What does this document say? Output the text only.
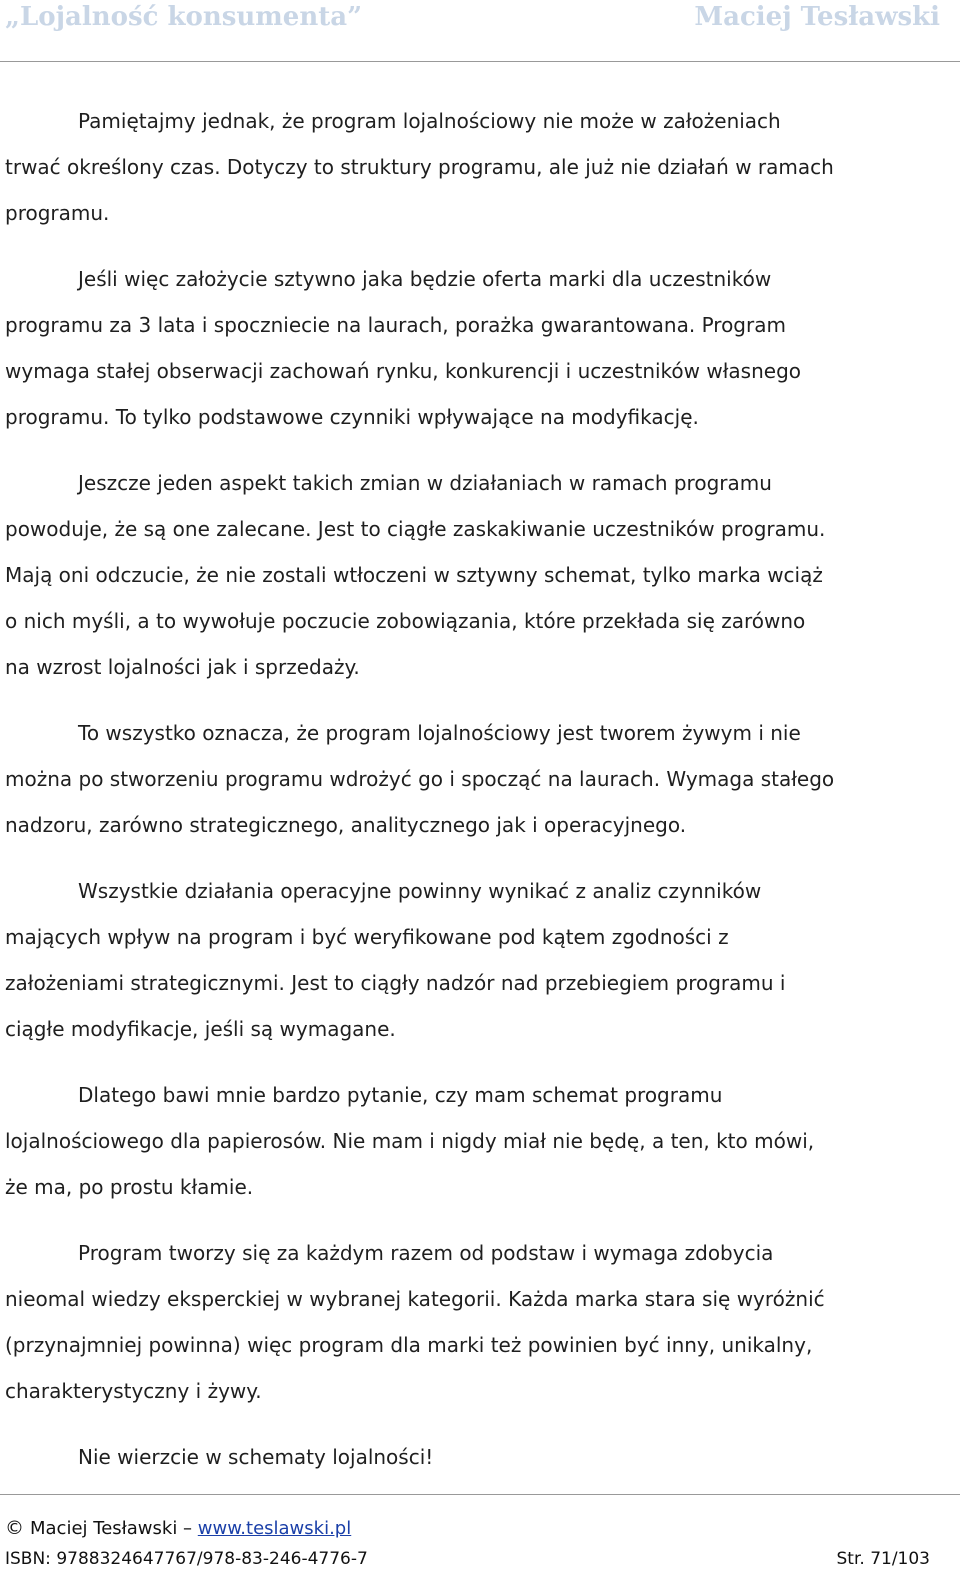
„Lojalność konsumenta”	Maciej Tesławski

Pamiętajmy jednak, że program lojalnościowy nie może w założeniach

trwać określony czas. Dotyczy to struktury programu, ale już nie działań w ramach

programu.

Jeśli więc założycie sztywno jaka będzie oferta marki dla uczestników

programu za 3 lata i spoczniecie na laurach, porażka gwarantowana. Program

wymaga stałej obserwacji zachowań rynku, konkurencji i uczestników własnego

programu. To tylko podstawowe czynniki wpływające na modyfikację.

Jeszcze jeden aspekt takich zmian w działaniach w ramach programu

powoduje, że są one zalecane. Jest to ciągłe zaskakiwanie uczestników programu.

Mają oni odczucie, że nie zostali wtłoczeni w sztywny schemat, tylko marka wciąż

o nich myśli, a to wywołuje poczucie zobowiązania, które przekłada się zarówno

na wzrost lojalności jak i sprzedaży.

To wszystko oznacza, że program lojalnościowy jest tworem żywym i nie

można po stworzeniu programu wdrożyć go i spocząć na laurach. Wymaga stałego

nadzoru, zarówno strategicznego, analitycznego jak i operacyjnego.

Wszystkie działania operacyjne powinny wynikać z analiz czynników

mających wpływ na program i być weryfikowane pod kątem zgodności z

założeniami strategicznymi. Jest to ciągły nadzór nad przebiegiem programu i

ciągłe modyfikacje, jeśli są wymagane.

Dlatego bawi mnie bardzo pytanie, czy mam schemat programu

lojalnościowego dla papierosów. Nie mam i nigdy miał nie będę, a ten, kto mówi,

że ma, po prostu kłamie.

Program tworzy się za każdym razem od podstaw i wymaga zdobycia

nieomal wiedzy eksperckiej w wybranej kategorii. Każda marka stara się wyróżnić

(przynajmniej powinna) więc program dla marki też powinien być inny, unikalny,

charakterystyczny i żywy.

Nie wierzcie w schematy lojalności!

© Maciej Tesławski – www.teslawski.pl
ISBN: 9788324647767/978-83-246-4776-7	Str. 71/103
